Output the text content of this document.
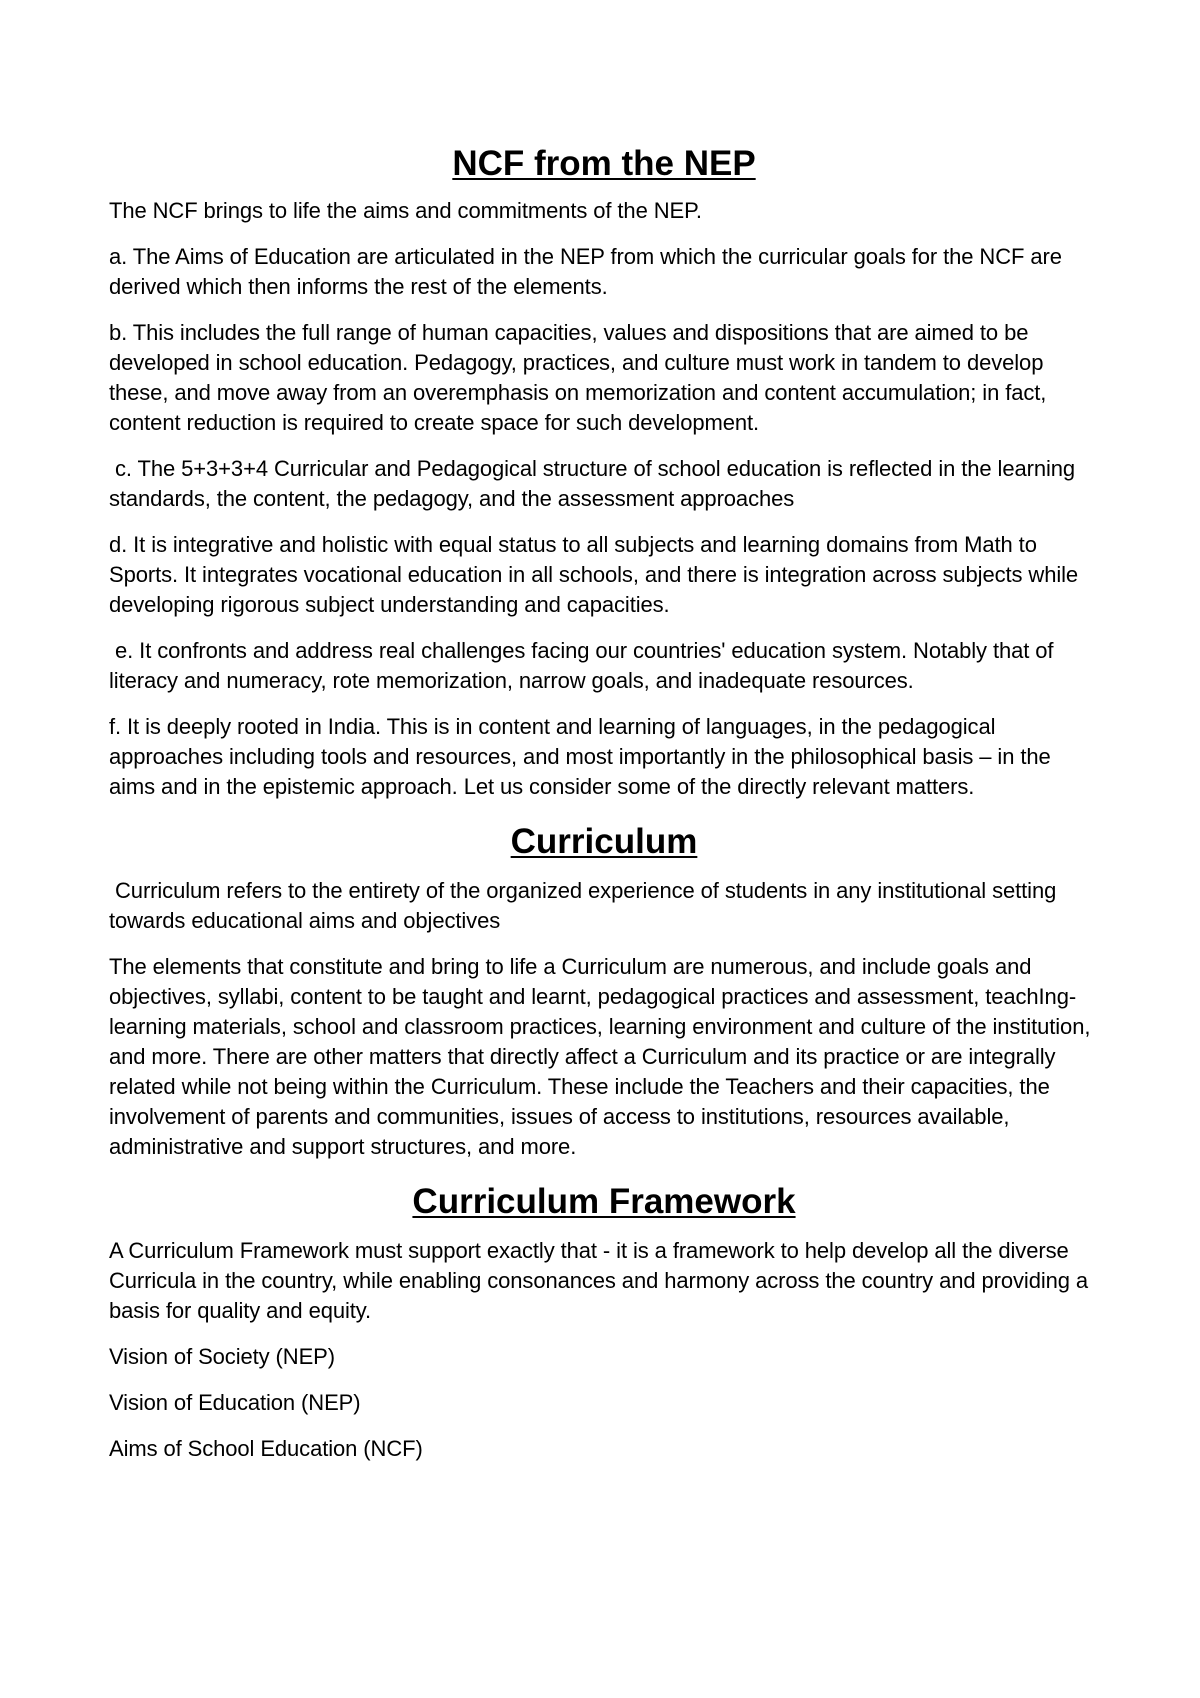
NCF from the NEP

The NCF brings to life the aims and commitments of the NEP.

a. The Aims of Education are articulated in the NEP from which the curricular goals for the NCF are derived which then informs the rest of the elements.

b. This includes the full range of human capacities, values and dispositions that are aimed to be developed in school education. Pedagogy, practices, and culture must work in tandem to develop these, and move away from an overemphasis on memorization and content accumulation; in fact, content reduction is required to create space for such development.

c. The 5+3+3+4 Curricular and Pedagogical structure of school education is reflected in the learning standards, the content, the pedagogy, and the assessment approaches

d. It is integrative and holistic with equal status to all subjects and learning domains from Math to Sports. It integrates vocational education in all schools, and there is integration across subjects while developing rigorous subject understanding and capacities.

e. It confronts and address real challenges facing our countries' education system. Notably that of literacy and numeracy, rote memorization, narrow goals, and inadequate resources.

f. It is deeply rooted in India. This is in content and learning of languages, in the pedagogical approaches including tools and resources, and most importantly in the philosophical basis – in the aims and in the epistemic approach. Let us consider some of the directly relevant matters.

Curriculum

Curriculum refers to the entirety of the organized experience of students in any institutional setting towards educational aims and objectives

The elements that constitute and bring to life a Curriculum are numerous, and include goals and objectives, syllabi, content to be taught and learnt, pedagogical practices and assessment, teachIng-learning materials, school and classroom practices, learning environment and culture of the institution, and more. There are other matters that directly affect a Curriculum and its practice or are integrally related while not being within the Curriculum. These include the Teachers and their capacities, the involvement of parents and communities, issues of access to institutions, resources available, administrative and support structures, and more.

Curriculum Framework

A Curriculum Framework must support exactly that - it is a framework to help develop all the diverse Curricula in the country, while enabling consonances and harmony across the country and providing a basis for quality and equity.

Vision of Society (NEP)

Vision of Education (NEP)

Aims of School Education (NCF)
